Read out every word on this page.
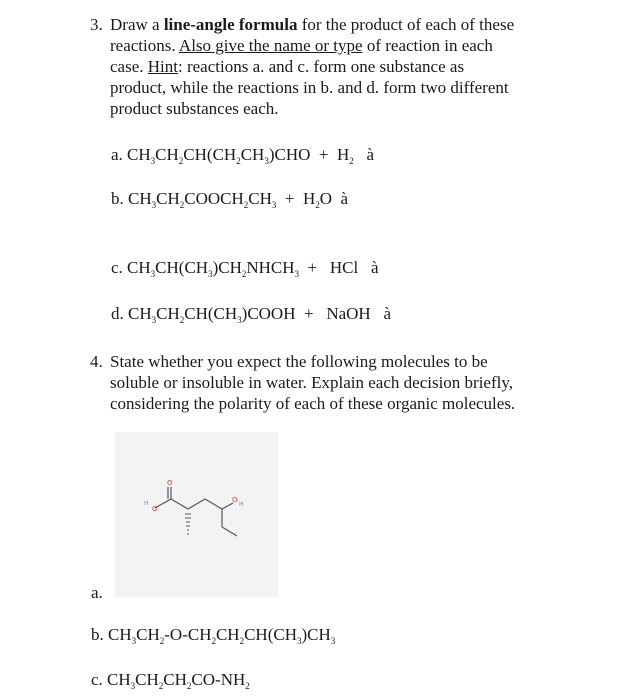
3. Draw a line-angle formula for the product of each of these
reactions. Also give the name or type of reaction in each
case. Hint: reactions a. and c. form one substance as
product, while the reactions in b. and d. form two different
product substances each.
a. $CH_3CH_2CH(CH_2CH_3)CHO + H_2$   à
b. $CH_3CH_2COOCH_2CH_3 + H_2O$  à
c. $CH_3CH(CH_3)CH_2NHCH_3$  +   HCl   à
d. $CH_3CH_2CH(CH_3)COOH$  +   NaOH   à
4. State whether you expect the following molecules to be
soluble or insoluble in water. Explain each decision briefly,
considering the polarity of each of these organic molecules.
H
O
O
O
H
a.
b. $CH_3CH_2-O-CH_2CH_2CH(CH_3)CH_3$
c. $CH_3CH_2CH_2CO-NH_2$
